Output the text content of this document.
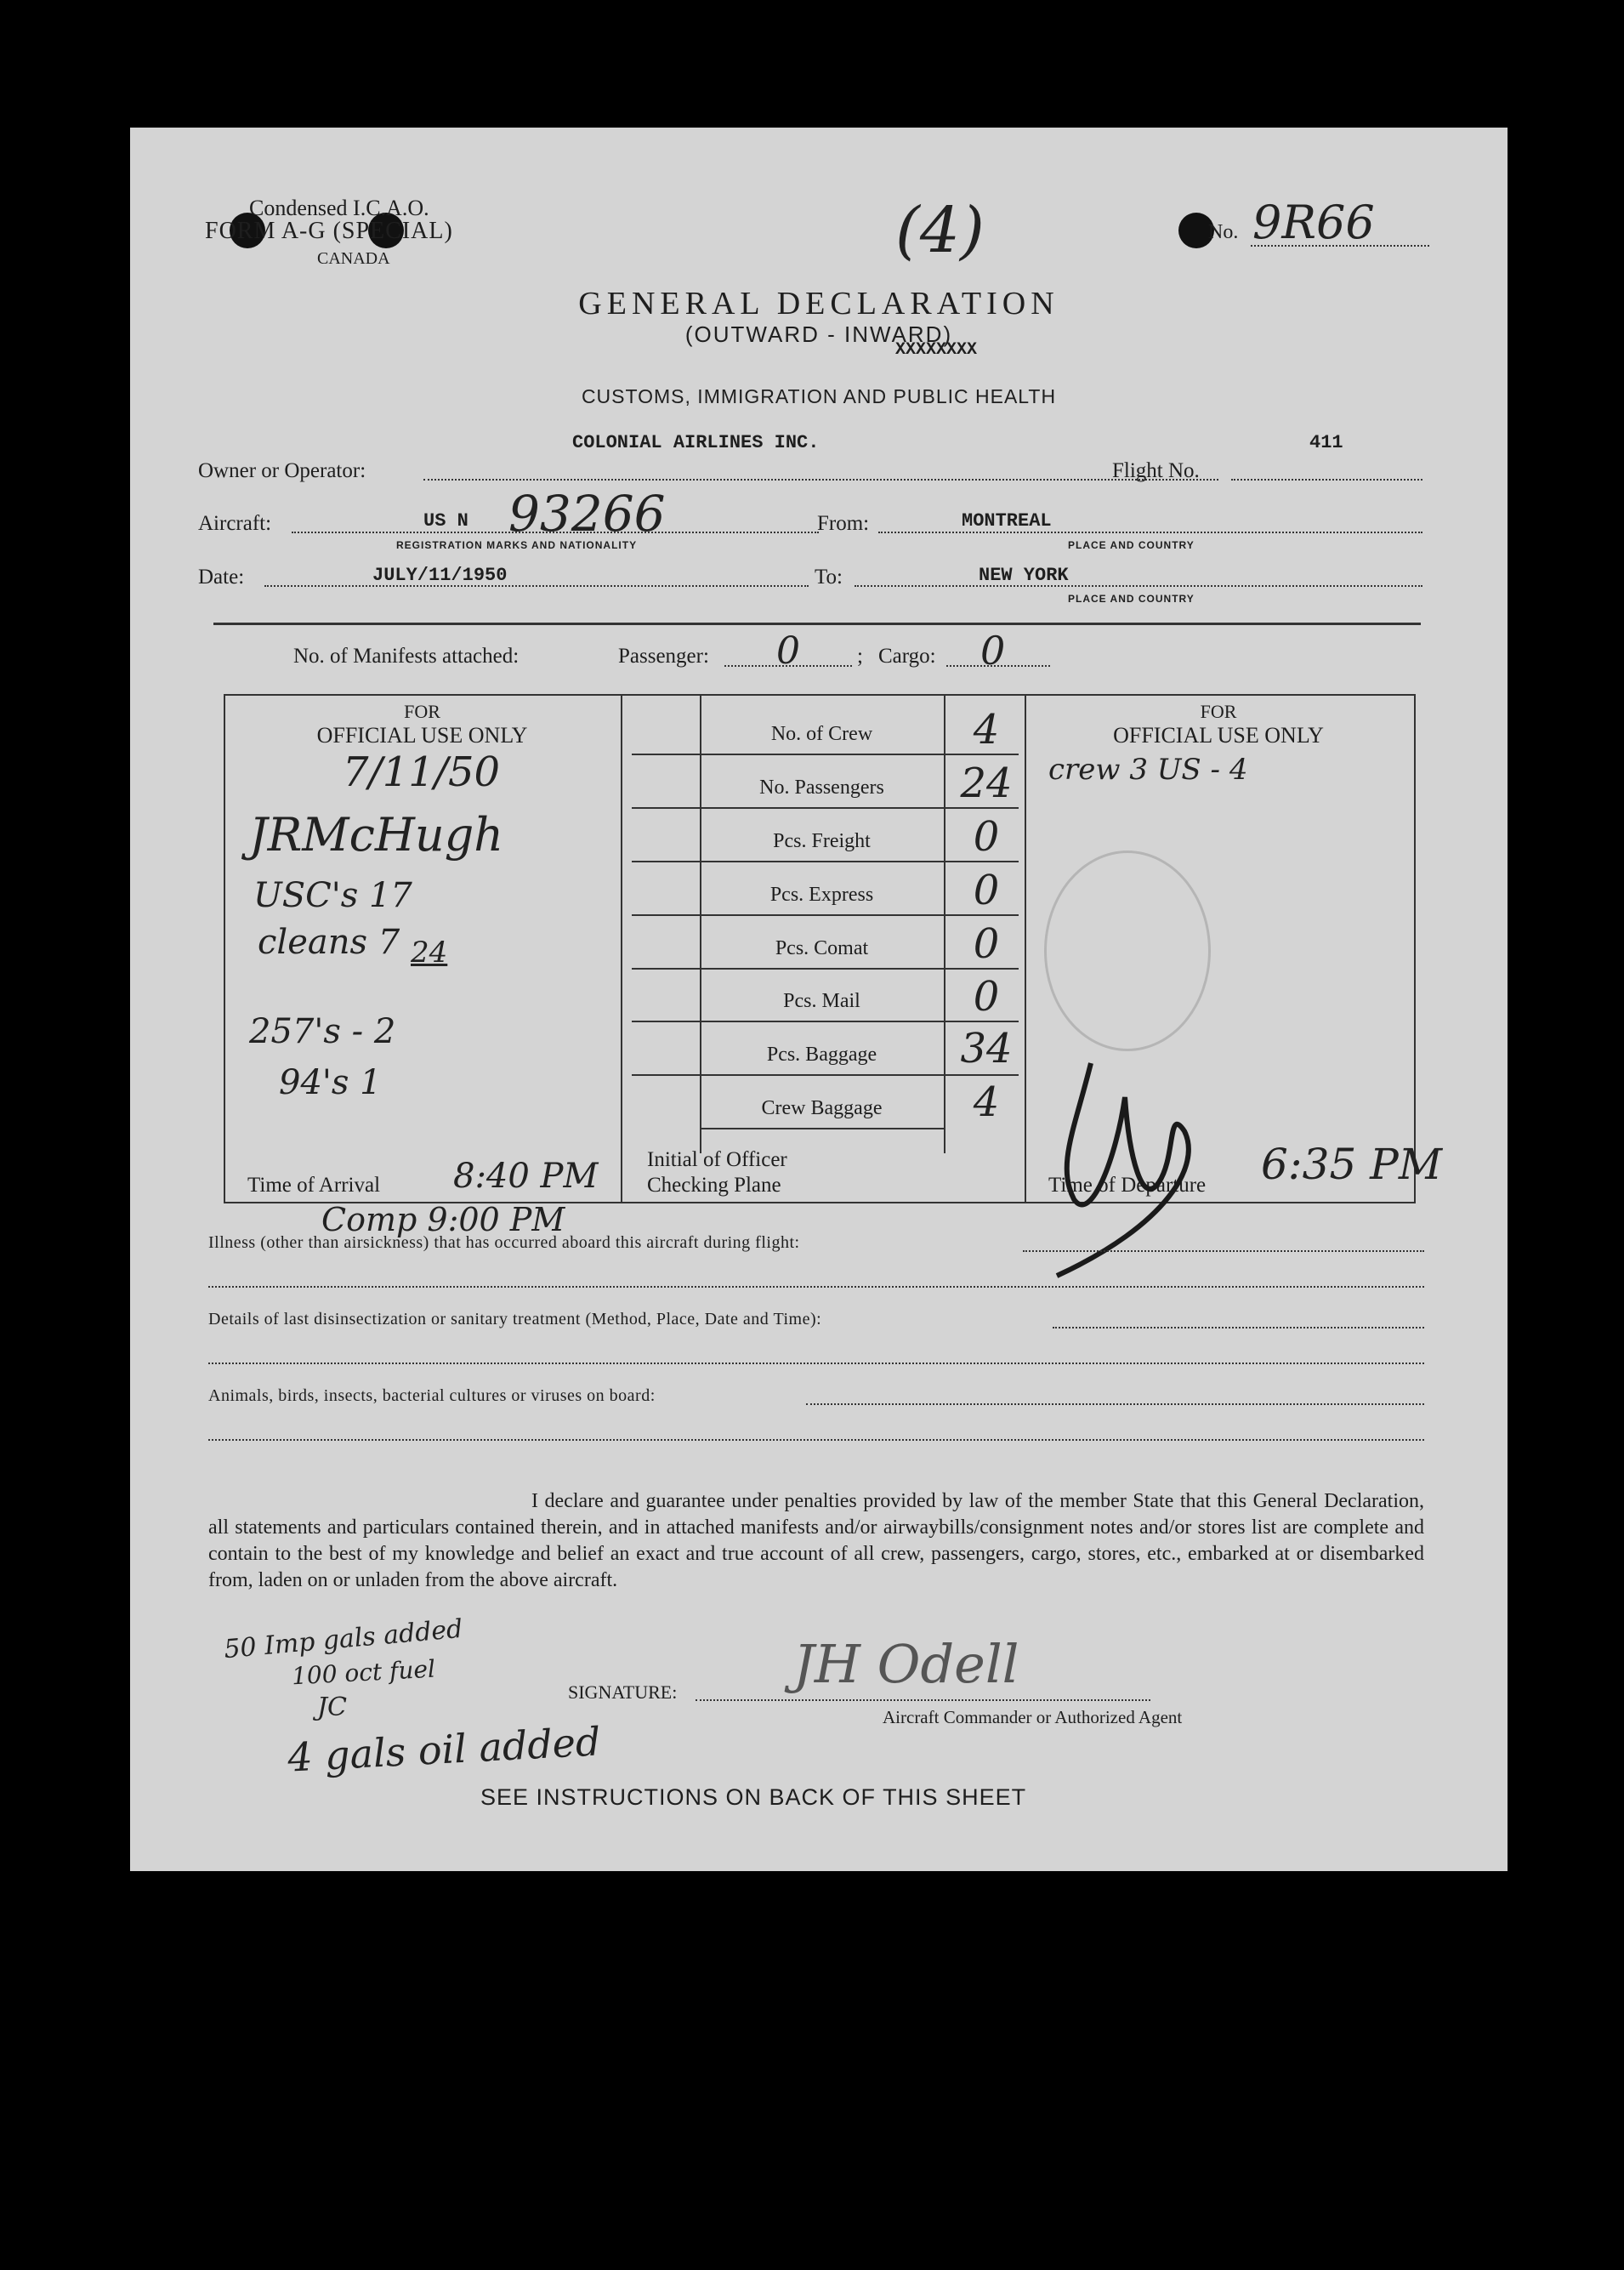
Condensed I.C.A.O.
FORM A-G (SPECIAL)
CANADA	(4)	No. 9R66
GENERAL DECLARATION
(OUTWARD - INWARD)
XXXXXXXX
CUSTOMS, IMMIGRATION AND PUBLIC HEALTH
Owner or Operator:
COLONIAL AIRLINES INC.
Flight No.
411
Aircraft:	US N 93266
REGISTRATION MARKS AND NATIONALITY
From:	MONTREAL
PLACE AND COUNTRY
Date:	JULY/11/1950	To:	NEW YORK
PLACE AND COUNTRY
No. of Manifests attached:	Passenger: 0	; Cargo: 0
FOR
OFFICIAL USE ONLY
FOR
OFFICIAL USE ONLY
No. of Crew	4
No. Passengers	24
Pcs. Freight	0
Pcs. Express	0
Pcs. Comat	0
Pcs. Mail	0
Pcs. Baggage	34
Crew Baggage	4
7/11/50
JRMcHugh
USC's 17
cleans 7 24
257's - 2
94's 1
crew 3 US - 4
Time of Arrival 8:40 PM Initial of Officer
Checking Plane	Time of Departure 6:35 PM
Comp 9:00 PM
Illness (other than airsickness) that has occurred aboard this aircraft during flight:
Details of last disinsectization or sanitary treatment (Method, Place, Date and Time):
Animals, birds, insects, bacterial cultures or viruses on board:
I declare and guarantee under penalties provided by law of the member State that this General Declaration, all statements and particulars contained therein, and in attached manifests and/or airwaybills/consignment notes and/or stores list are complete and contain to the best of my knowledge and belief an exact and true account of all crew, passengers, cargo, stores, etc., embarked at or disembarked from, laden on or unladen from the above aircraft.
50 Imp gals added
100 oct fuel
JC
4 gals oil added
SIGNATURE: JH Odell
Aircraft Commander or Authorized Agent
SEE INSTRUCTIONS ON BACK OF THIS SHEET
